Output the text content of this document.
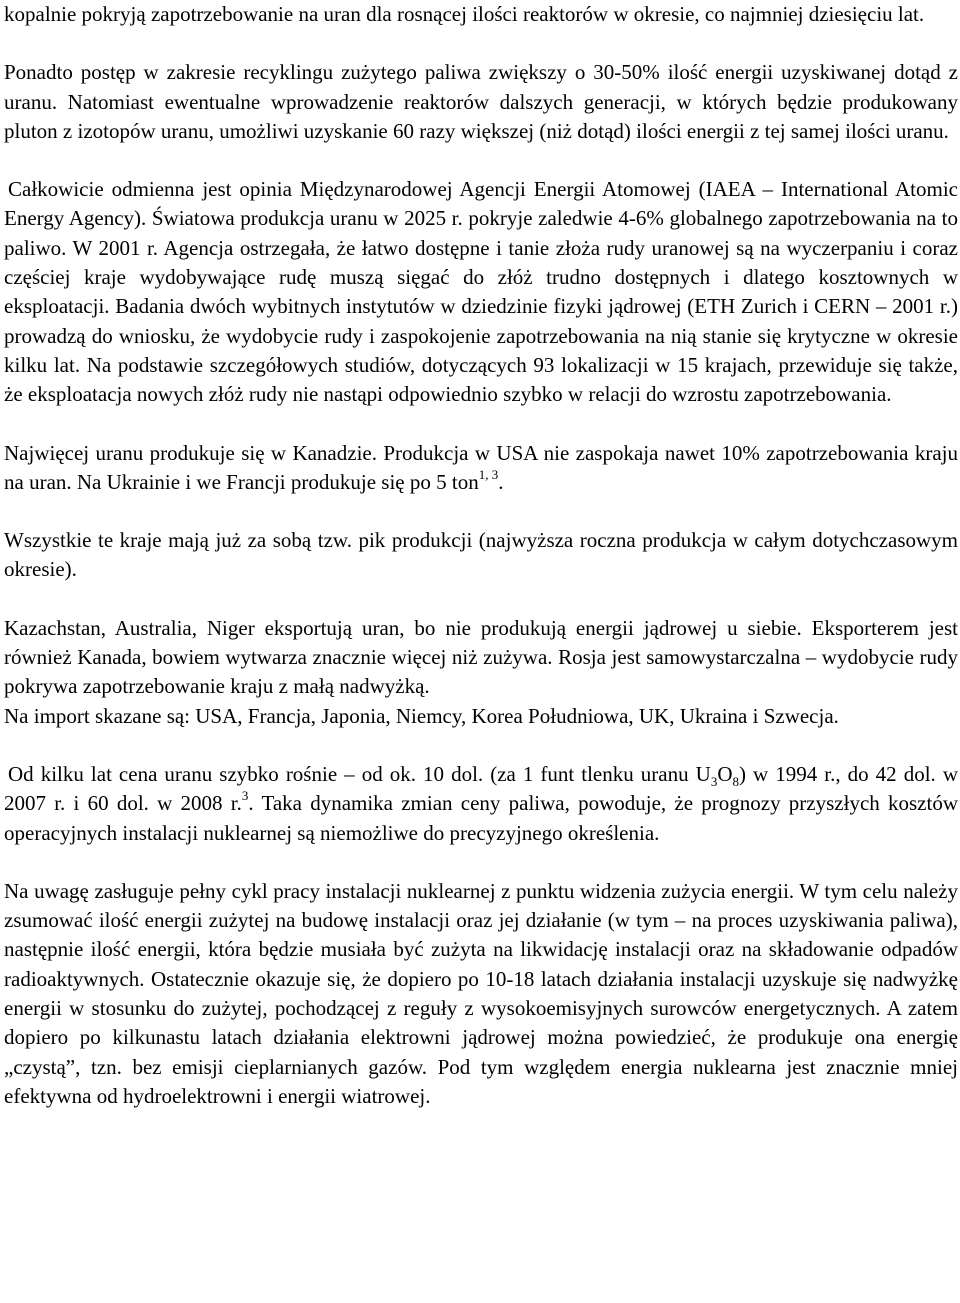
kopalnie pokryją zapotrzebowanie na uran dla rosnącej ilości reaktorów w okresie, co najmniej dziesięciu lat.

Ponadto postęp w zakresie recyklingu zużytego paliwa zwiększy o 30-50% ilość energii uzyskiwanej dotąd z uranu. Natomiast ewentualne wprowadzenie reaktorów dalszych generacji, w których będzie produkowany pluton z izotopów uranu, umożliwi uzyskanie 60 razy większej (niż dotąd) ilości energii z tej samej ilości uranu.

Całkowicie odmienna jest opinia Międzynarodowej Agencji Energii Atomowej (IAEA – International Atomic Energy Agency). Światowa produkcja uranu w 2025 r. pokryje zaledwie 4-6% globalnego zapotrzebowania na to paliwo. W 2001 r. Agencja ostrzegała, że łatwo dostępne i tanie złoża rudy uranowej są na wyczerpaniu i coraz częściej kraje wydobywające rudę muszą sięgać do złóż trudno dostępnych i dlatego kosztownych w eksploatacji. Badania dwóch wybitnych instytutów w dziedzinie fizyki jądrowej (ETH Zurich i CERN – 2001 r.) prowadzą do wniosku, że wydobycie rudy i zaspokojenie zapotrzebowania na nią stanie się krytyczne w okresie kilku lat. Na podstawie szczegółowych studiów, dotyczących 93 lokalizacji w 15 krajach, przewiduje się także, że eksploatacja nowych złóż rudy nie nastąpi odpowiednio szybko w relacji do wzrostu zapotrzebowania.

Najwięcej uranu produkuje się w Kanadzie. Produkcja w USA nie zaspokaja nawet 10% zapotrzebowania kraju na uran. Na Ukrainie i we Francji produkuje się po 5 ton$^{1, 3}$.

Wszystkie te kraje mają już za sobą tzw. pik produkcji (najwyższa roczna produkcja w całym dotychczasowym okresie).

Kazachstan, Australia, Niger eksportują uran, bo nie produkują energii jądrowej u siebie. Eksporterem jest również Kanada, bowiem wytwarza znacznie więcej niż zużywa. Rosja jest samowystarczalna – wydobycie rudy pokrywa zapotrzebowanie kraju z małą nadwyżką.

Na import skazane są: USA, Francja, Japonia, Niemcy, Korea Południowa, UK, Ukraina i Szwecja.

Od kilku lat cena uranu szybko rośnie – od ok. 10 dol. (za 1 funt tlenku uranu $U_3O_8$) w 1994 r., do 42 dol. w 2007 r. i 60 dol. w 2008 r.$^3$. Taka dynamika zmian ceny paliwa, powoduje, że prognozy przyszłych kosztów operacyjnych instalacji nuklearnej są niemożliwe do precyzyjnego określenia.

Na uwagę zasługuje pełny cykl pracy instalacji nuklearnej z punktu widzenia zużycia energii. W tym celu należy zsumować ilość energii zużytej na budowę instalacji oraz jej działanie (w tym – na proces uzyskiwania paliwa), następnie ilość energii, która będzie musiała być zużyta na likwidację instalacji oraz na składowanie odpadów radioaktywnych. Ostatecznie okazuje się, że dopiero po 10-18 latach działania instalacji uzyskuje się nadwyżkę energii w stosunku do zużytej, pochodzącej z reguły z wysokoemisyjnych surowców energetycznych. A zatem dopiero po kilkunastu latach działania elektrowni jądrowej można powiedzieć, że produkuje ona energię „czystą”, tzn. bez emisji cieplarnianych gazów. Pod tym względem energia nuklearna jest znacznie mniej efektywna od hydroelektrowni i energii wiatrowej.
